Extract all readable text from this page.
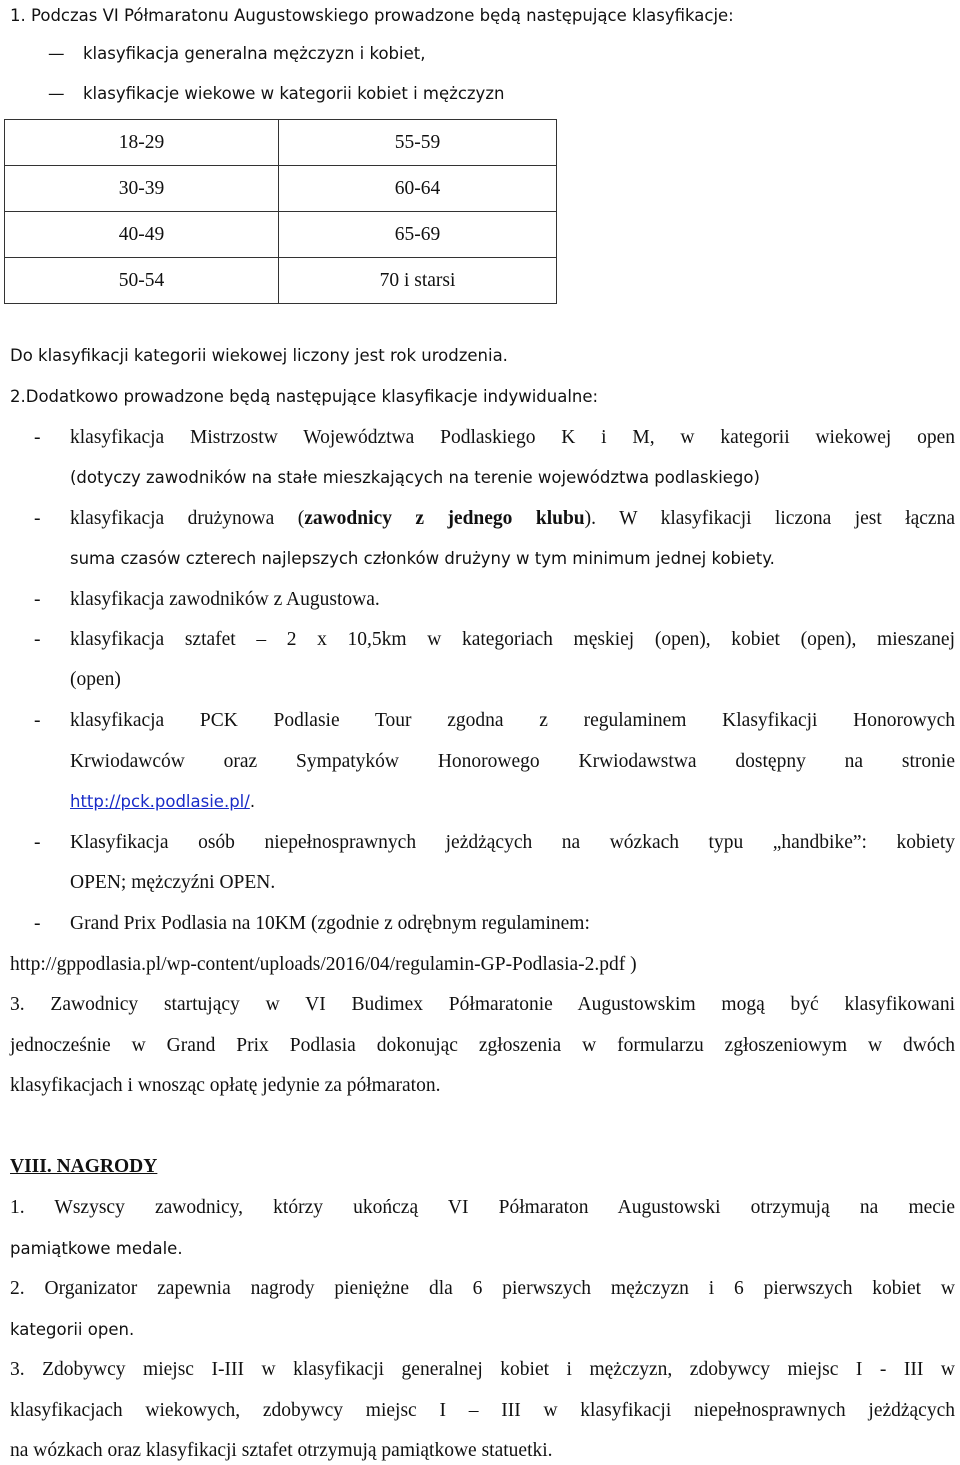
1. Podczas VI Półmaratonu Augustowskiego prowadzone będą następujące klasyfikacje:
—	klasyfikacja generalna mężczyzn i kobiet,
—	klasyfikacje wiekowe w kategorii kobiet i mężczyzn
18-29	55-59
30-39	60-64
40-49	65-69
50-54	70 i starsi
Do klasyfikacji kategorii wiekowej liczony jest rok urodzenia.
2.Dodatkowo prowadzone będą następujące klasyfikacje indywidualne:
-	klasyfikacja Mistrzostw Województwa Podlaskiego K i M, w kategorii wiekowej open
(dotyczy zawodników na stałe mieszkających na terenie województwa podlaskiego)
-	klasyfikacja drużynowa (zawodnicy z jednego klubu). W klasyfikacji liczona jest łączna
suma czasów czterech najlepszych członków drużyny w tym minimum jednej kobiety.
-	klasyfikacja zawodników z Augustowa.
-	klasyfikacja sztafet – 2 x 10,5km w kategoriach męskiej (open), kobiet (open), mieszanej
(open)
-	klasyfikacja PCK Podlasie Tour zgodna z regulaminem Klasyfikacji Honorowych
Krwiodawców oraz Sympatyków Honorowego Krwiodawstwa dostępny na stronie
http://pck.podlasie.pl/.
-	Klasyfikacja osób niepełnosprawnych jeżdżących na wózkach typu „handbike”: kobiety
OPEN; mężczyźni OPEN.
-	Grand Prix Podlasia na 10KM (zgodnie z odrębnym regulaminem:
http://gppodlasia.pl/wp-content/uploads/2016/04/regulamin-GP-Podlasia-2.pdf )
3. Zawodnicy startujący w VI Budimex Półmaratonie Augustowskim mogą być klasyfikowani
jednocześnie w Grand Prix Podlasia dokonując zgłoszenia w formularzu zgłoszeniowym w dwóch
klasyfikacjach i wnosząc opłatę jedynie za półmaraton.
VIII. NAGRODY
1. Wszyscy zawodnicy, którzy ukończą VI Półmaraton Augustowski otrzymują na mecie
pamiątkowe medale.
2. Organizator zapewnia nagrody pieniężne dla 6 pierwszych mężczyzn i 6 pierwszych kobiet w
kategorii open.
3. Zdobywcy miejsc I-III w klasyfikacji generalnej kobiet i mężczyzn, zdobywcy miejsc I - III w
klasyfikacjach wiekowych, zdobywcy miejsc I – III w klasyfikacji niepełnosprawnych jeżdżących
na wózkach oraz klasyfikacji sztafet otrzymują pamiątkowe statuetki.
